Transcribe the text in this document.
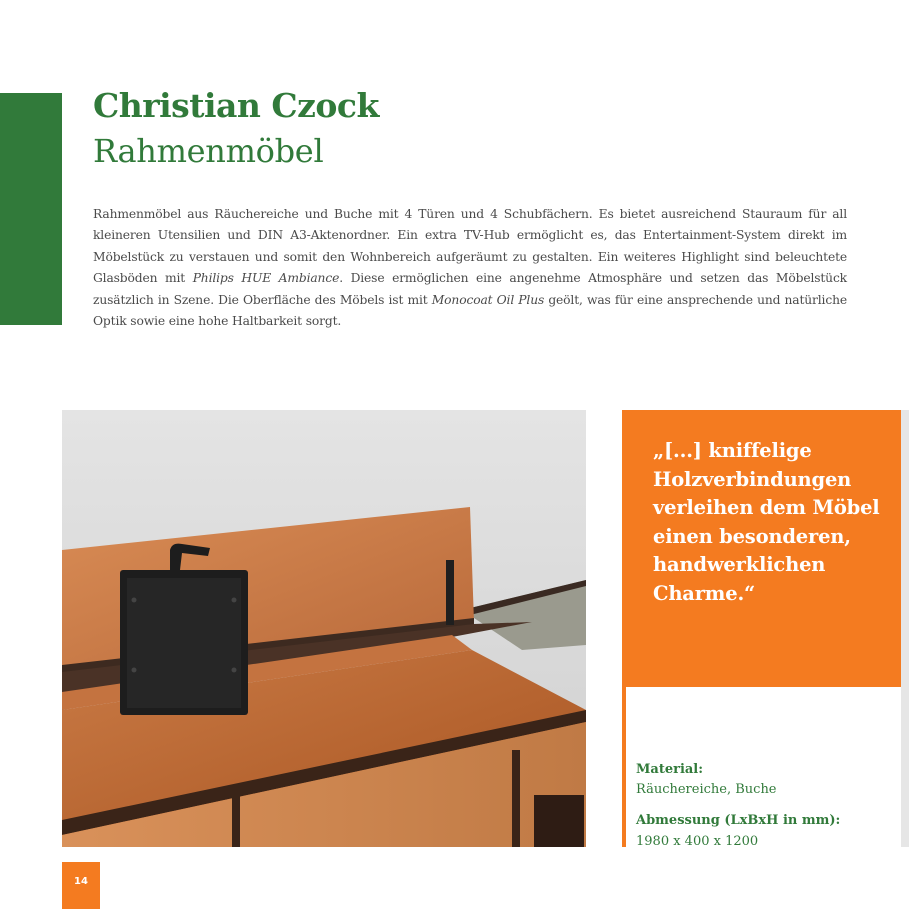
Christian Czock
Rahmenmöbel
Rahmenmöbel aus Räuchereiche und Buche mit 4 Türen und 4 Schubfächern. Es bietet ausreichend Stauraum für all kleineren Utensilien und DIN A3-Aktenordner. Ein extra TV-Hub ermöglicht es, das Entertainment-System direkt im Möbelstück zu verstauen und somit den Wohnbereich aufgeräumt zu gestalten. Ein weiteres Highlight sind beleuchtete Glasböden mit Philips HUE Ambiance. Diese ermöglichen eine angenehme Atmosphäre und setzen das Möbelstück zusätzlich in Szene. Die Oberfläche des Möbels ist mit Monocoat Oil Plus geölt, was für eine ansprechende und natürliche Optik sowie eine hohe Haltbarkeit sorgt.
„[...] kniffelige Holzverbindungen verleihen dem Möbel einen besonderen, handwerklichen Charme.“
Material:
Räuchereiche, Buche
Abmessung (LxBxH in mm):
1980 x 400 x 1200
14
